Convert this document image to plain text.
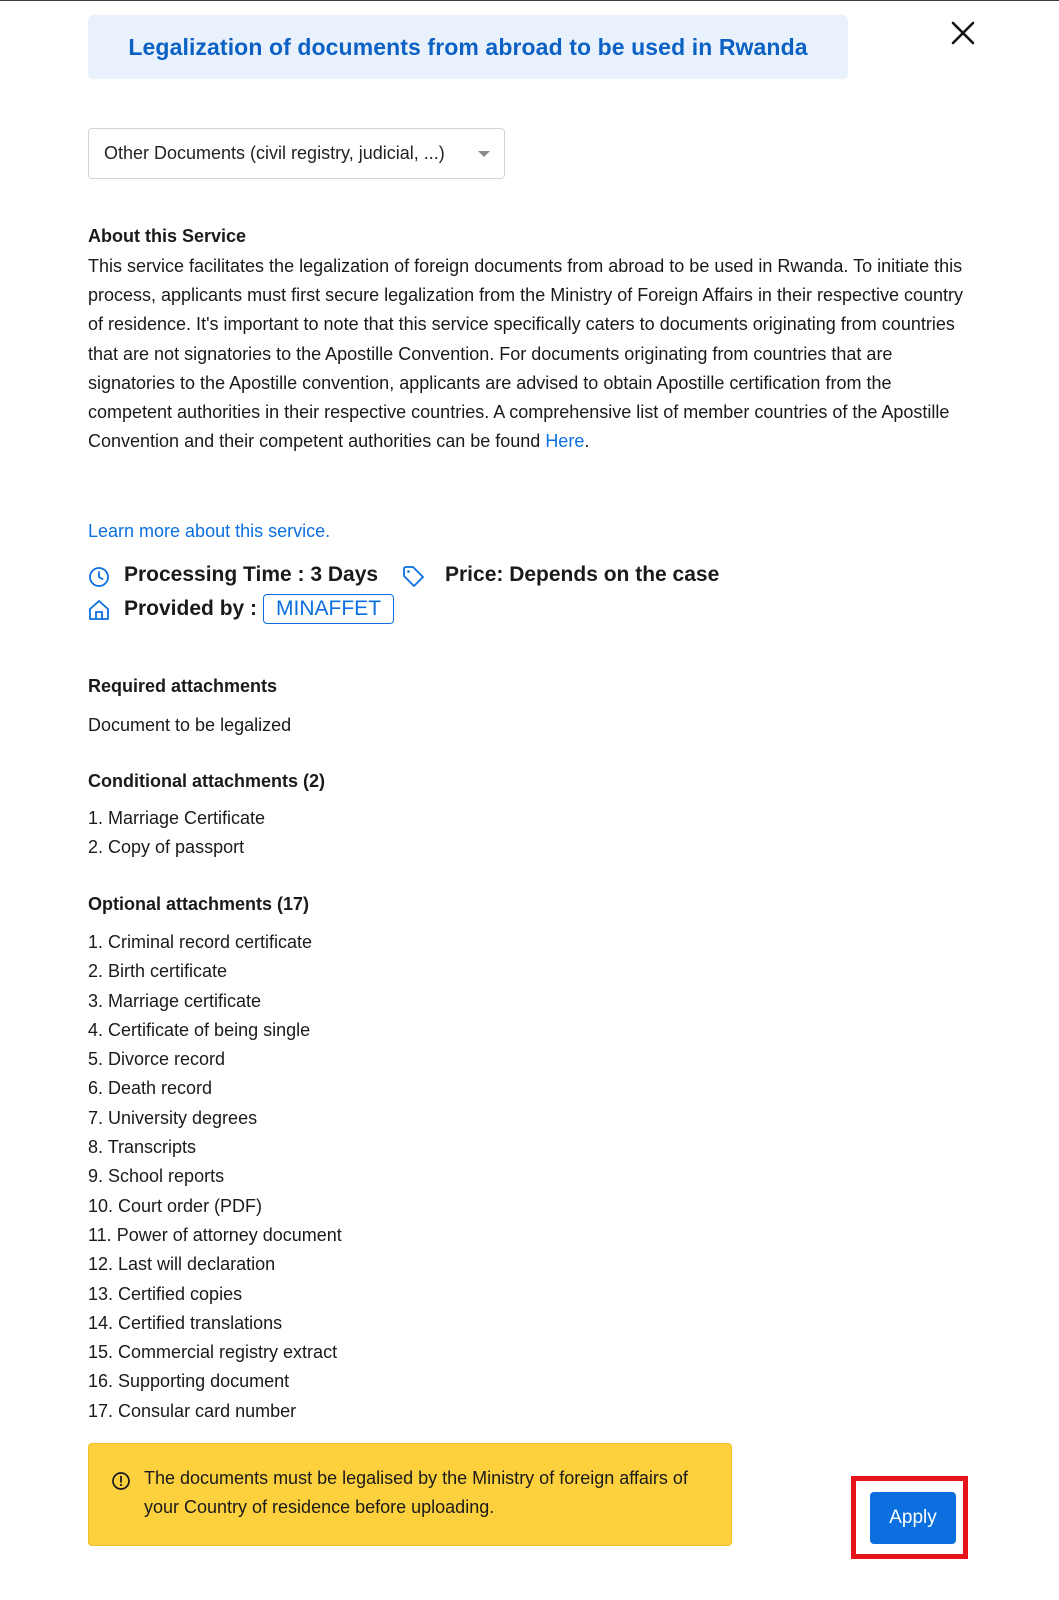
Legalization of documents from abroad to be used in Rwanda
Other Documents (civil registry, judicial, ...)
About this Service
This service facilitates the legalization of foreign documents from abroad to be used in Rwanda. To initiate this process, applicants must first secure legalization from the Ministry of Foreign Affairs in their respective country of residence. It's important to note that this service specifically caters to documents originating from countries that are not signatories to the Apostille Convention. For documents originating from countries that are signatories to the Apostille convention, applicants are advised to obtain Apostille certification from the competent authorities in their respective countries. A comprehensive list of member countries of the Apostille Convention and their competent authorities can be found Here.
Learn more about this service.
Processing Time : 3 Days	Price: Depends on the case
Provided by : MINAFFET
Required attachments
Document to be legalized
Conditional attachments (2)
1. Marriage Certificate
2. Copy of passport
Optional attachments (17)
1. Criminal record certificate
2. Birth certificate
3. Marriage certificate
4. Certificate of being single
5. Divorce record
6. Death record
7. University degrees
8. Transcripts
9. School reports
10. Court order (PDF)
11. Power of attorney document
12. Last will declaration
13. Certified copies
14. Certified translations
15. Commercial registry extract
16. Supporting document
17. Consular card number
The documents must be legalised by the Ministry of foreign affairs of your Country of residence before uploading.
Apply
